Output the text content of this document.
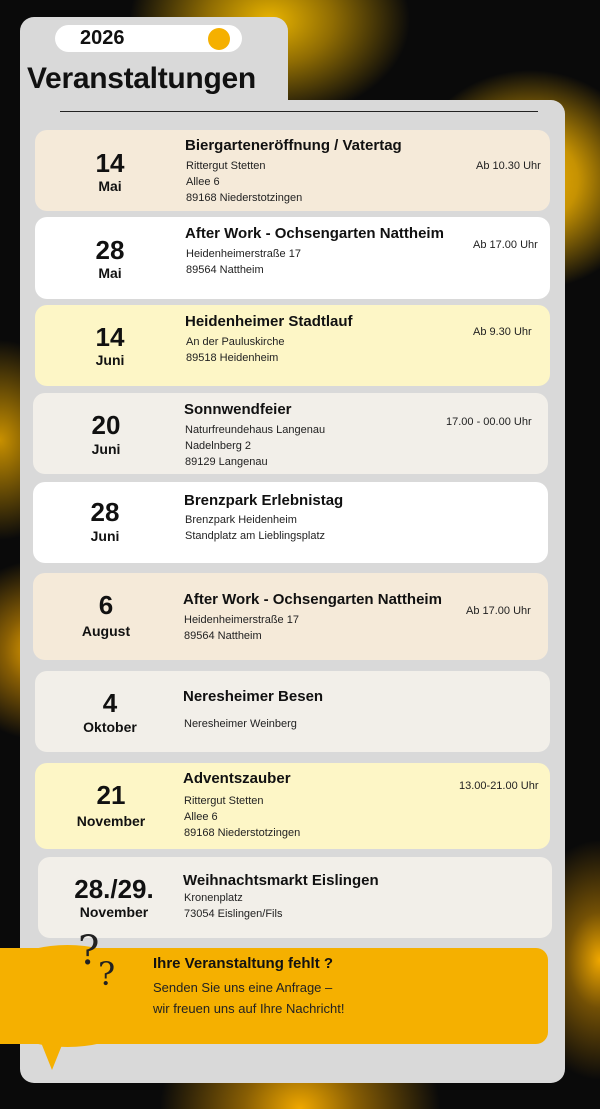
2026
Veranstaltungen
14
Mai
Biergarteneröffnung / Vatertag
Rittergut Stetten
Allee 6
89168 Niederstotzingen
Ab 10.30 Uhr
28
Mai
After Work - Ochsengarten Nattheim
Heidenheimerstraße 17
89564 Nattheim
Ab 17.00 Uhr
14
Juni
Heidenheimer Stadtlauf
An der Pauluskirche
89518 Heidenheim
Ab 9.30 Uhr
20
Juni
Sonnwendfeier
Naturfreundehaus Langenau
Nadelnberg 2
89129 Langenau
17.00 - 00.00 Uhr
28
Juni
Brenzpark Erlebnistag
Brenzpark Heidenheim
Standplatz am Lieblingsplatz
6
August
After Work - Ochsengarten Nattheim
Heidenheimerstraße 17
89564 Nattheim
Ab 17.00 Uhr
4
Oktober
Neresheimer Besen
Neresheimer Weinberg
21
November
Adventszauber
Rittergut Stetten
Allee 6
89168 Niederstotzingen
13.00-21.00 Uhr
28./29.
November
Weihnachtsmarkt Eislingen
Kronenplatz
73054 Eislingen/Fils
?
?	Ihre Veranstaltung fehlt ?
Senden Sie uns eine Anfrage –
wir freuen uns auf Ihre Nachricht!
